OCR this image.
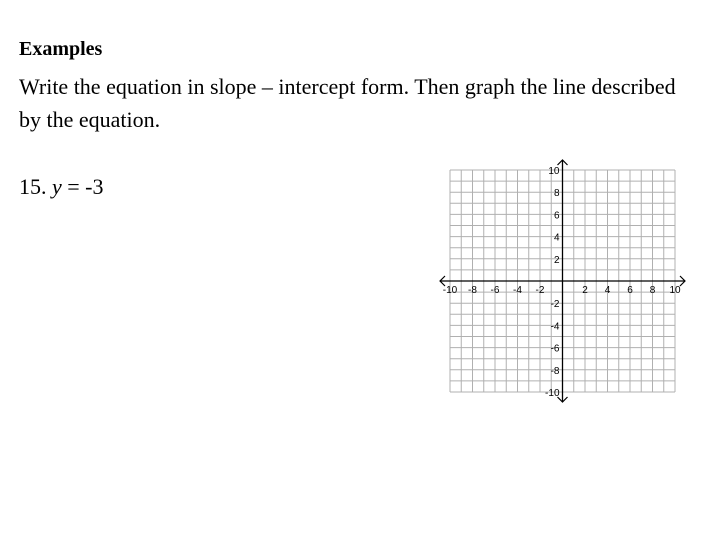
Examples
Write the equation in slope – intercept form. Then graph the line described by the equation.
15. y = -3
-10 -8 -6 -4 -2	2 4 6 8 10
10
8
6
4
2
-2
-4
-6
-8
-10
